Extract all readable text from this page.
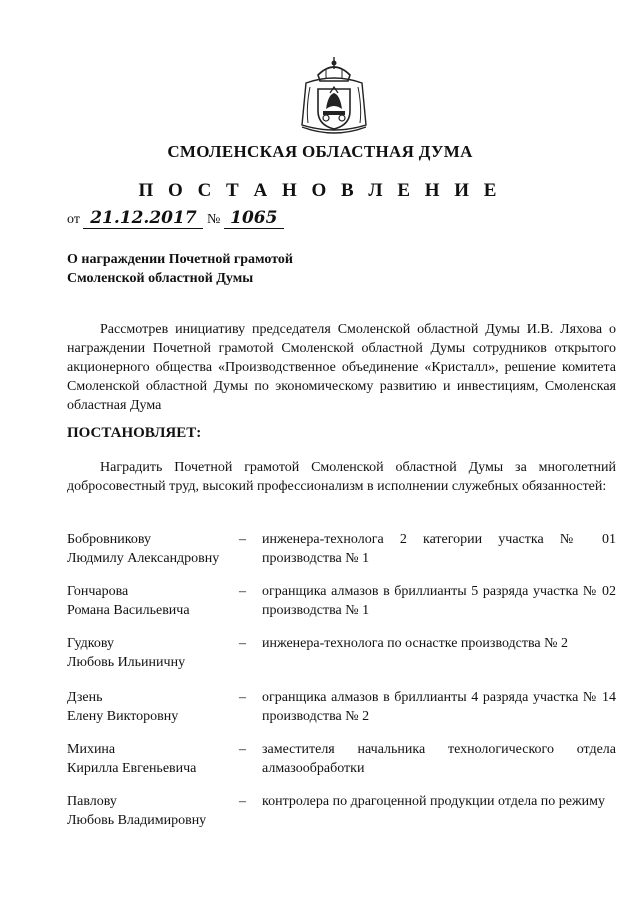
СМОЛЕНСКАЯ ОБЛАСТНАЯ ДУМА
П О С Т А Н О В Л Е Н И Е
от 21.12.2017 № 1065
О награждении Почетной грамотой
Смоленской областной Думы
Рассмотрев инициативу председателя Смоленской областной Думы И.В. Ляхова о награждении Почетной грамотой Смоленской областной Думы сотрудников открытого акционерного общества «Производственное объединение «Кристалл», решение комитета Смоленской областной Думы по экономическому развитию и инвестициям, Смоленская областная Дума
ПОСТАНОВЛЯЕТ:
Наградить Почетной грамотой Смоленской областной Думы за многолетний добросовестный труд, высокий профессионализм в исполнении служебных обязанностей:
Бобровникову
Людмилу Александровну
– инженера-технолога 2 категории участка № 01 производства № 1
Гончарова
Романа Васильевича
– огранщика алмазов в бриллианты 5 разряда участка № 02 производства № 1
Гудкову
Любовь Ильиничну
– инженера-технолога по оснастке производства № 2
Дзень
Елену Викторовну
– огранщика алмазов в бриллианты 4 разряда участка № 14 производства № 2
Михина
Кирилла Евгеньевича
– заместителя начальника технологического отдела алмазообработки
Павлову
Любовь Владимировну
– контролера по драгоценной продукции отдела по режиму
